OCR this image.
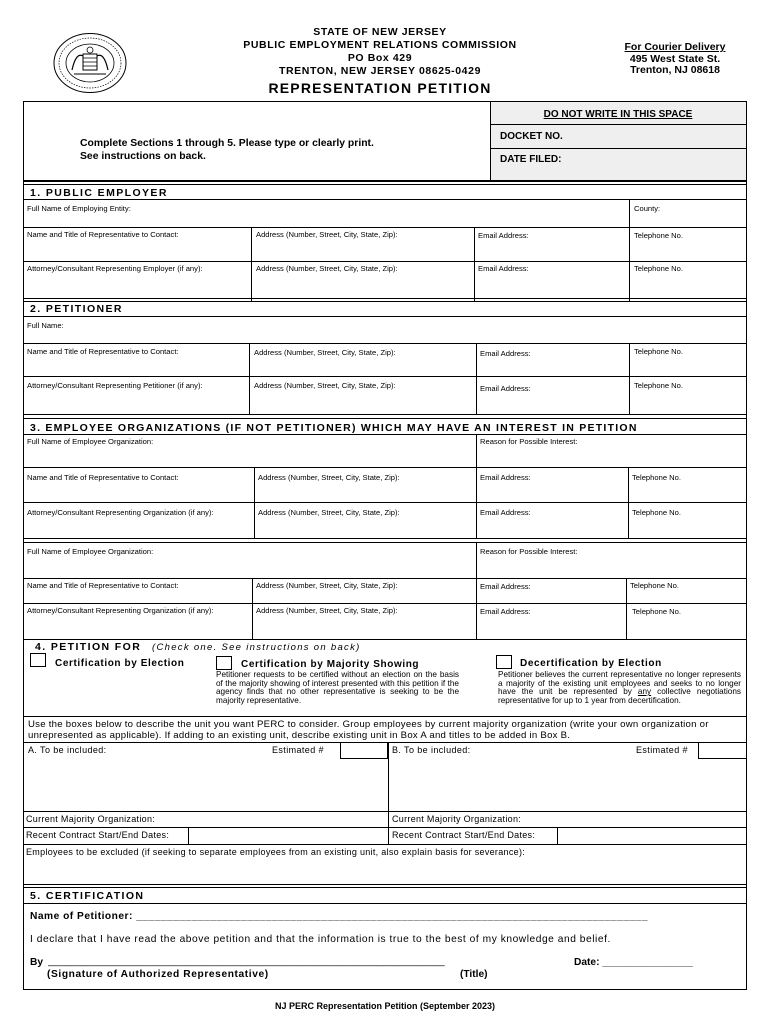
STATE OF NEW JERSEY
PUBLIC EMPLOYMENT RELATIONS COMMISSION
PO Box 429
TRENTON, NEW JERSEY 08625-0429
For Courier Delivery
495 West State St.
Trenton, NJ 08618
REPRESENTATION PETITION
Complete Sections 1 through 5. Please type or clearly print.
See instructions on back.
DO NOT WRITE IN THIS SPACE
DOCKET NO.
DATE FILED:
1. PUBLIC EMPLOYER
Full Name of Employing Entity:	County:
Name and Title of Representative to Contact:	Address (Number, Street, City, State, Zip):	Email Address:	Telephone No.
Attorney/Consultant Representing Employer (if any):	Address (Number, Street, City, State, Zip):	Email Address:	Telephone No.
2. PETITIONER
Full Name:
Name and Title of Representative to Contact:	Address (Number, Street, City, State, Zip):	Email Address:	Telephone No.
Attorney/Consultant Representing Petitioner (if any):	Address (Number, Street, City, State, Zip):	Email Address:	Telephone No.
3. EMPLOYEE ORGANIZATIONS (IF NOT PETITIONER) WHICH MAY HAVE AN INTEREST IN PETITION
Full Name of Employee Organization:	Reason for Possible Interest:
Name and Title of Representative to Contact:	Address (Number, Street, City, State, Zip):	Email Address:	Telephone No.
Attorney/Consultant Representing Organization (if any):	Address (Number, Street, City, State, Zip):	Email Address:	Telephone No.
Full Name of Employee Organization:	Reason for Possible Interest:
Name and Title of Representative to Contact:	Address (Number, Street, City, State, Zip):	Email Address:	Telephone No.
Attorney/Consultant Representing Organization (if any):	Address (Number, Street, City, State, Zip):	Email Address:	Telephone No.
4. PETITION FOR (Check one. See instructions on back)
Certification by Election	Certification by Majority Showing
Petitioner requests to be certified without an election on the basis of the majority showing of interest presented with this petition if the agency finds that no other representative is seeking to be the majority representative.
Decertification by Election
Petitioner believes the current representative no longer represents a majority of the existing unit employees and seeks to no longer have the unit be represented by any collective negotiations representative for up to 1 year from decertification.
Use the boxes below to describe the unit you want PERC to consider. Group employees by current majority organization (write your own organization or unrepresented as applicable). If adding to an existing unit, describe existing unit in Box A and titles to be added in Box B.
A. To be included:	Estimated #	B. To be included:	Estimated #
Current Majority Organization:	Current Majority Organization:
Recent Contract Start/End Dates:	Recent Contract Start/End Dates:
Employees to be excluded (if seeking to separate employees from an existing unit, also explain basis for severance):
5. CERTIFICATION
Name of Petitioner: ___________________________________________________________________________________
I declare that I have read the above petition and that the information is true to the best of my knowledge and belief.
By ______________________________________________________________________	Date: ________________
(Signature of Authorized Representative)	(Title)
NJ PERC Representation Petition (September 2023)
